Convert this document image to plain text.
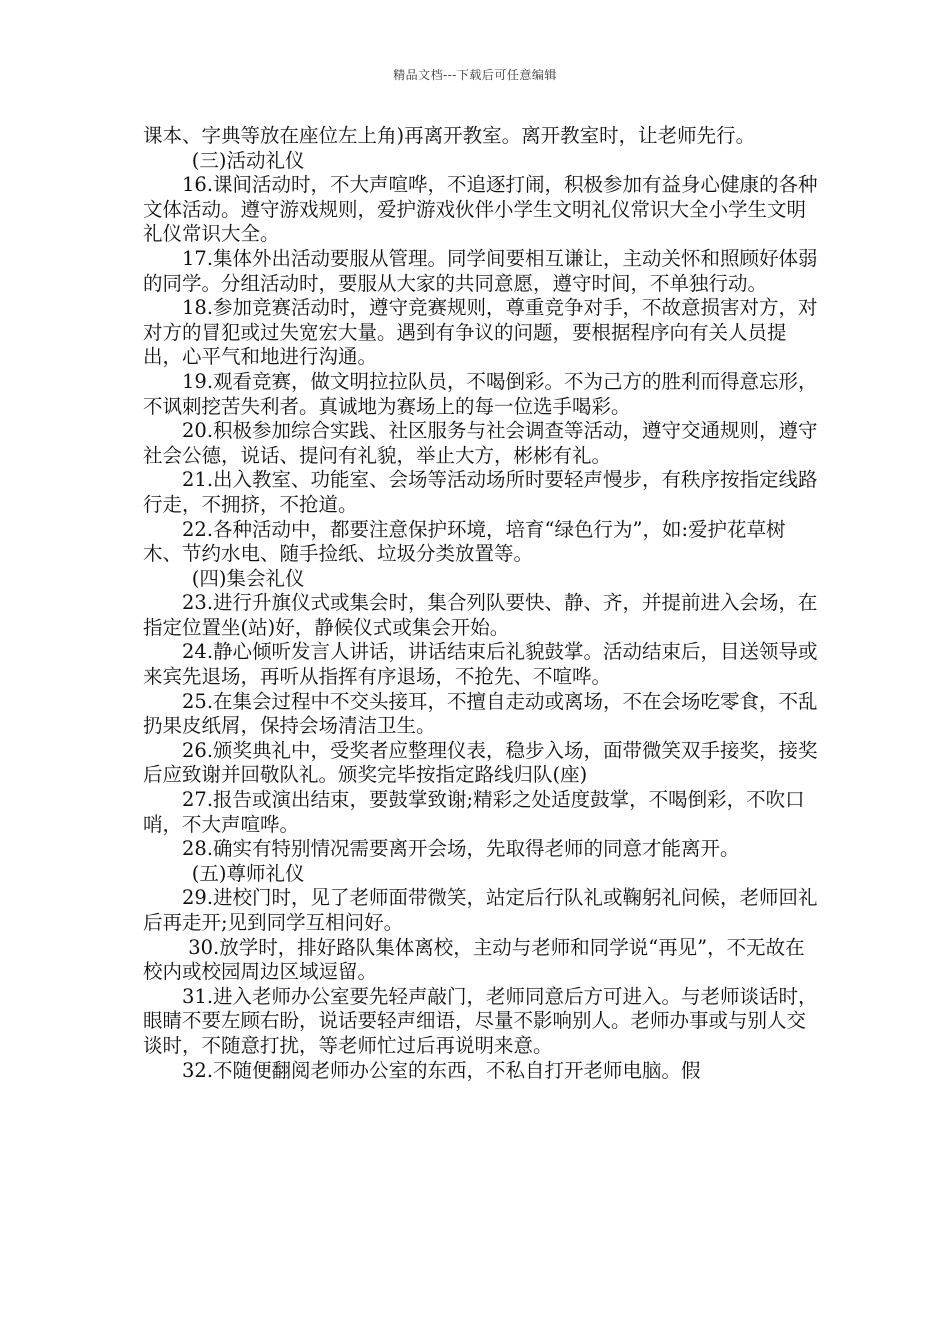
精品文档---下载后可任意编辑

课本、字典等放在座位左上角)再离开教室。离开教室时，让老师先行。

(三)活动礼仪

16.课间活动时，不大声喧哗，不追逐打闹，积极参加有益身心健康的各种文体活动。遵守游戏规则，爱护游戏伙伴小学生文明礼仪常识大全小学生文明礼仪常识大全。

17.集体外出活动要服从管理。同学间要相互谦让，主动关怀和照顾好体弱的同学。分组活动时，要服从大家的共同意愿，遵守时间，不单独行动。

18.参加竞赛活动时，遵守竞赛规则，尊重竞争对手，不故意损害对方，对对方的冒犯或过失宽宏大量。遇到有争议的问题，要根据程序向有关人员提出，心平气和地进行沟通。

19.观看竞赛，做文明拉拉队员，不喝倒彩。不为己方的胜利而得意忘形，不讽刺挖苦失利者。真诚地为赛场上的每一位选手喝彩。

20.积极参加综合实践、社区服务与社会调查等活动，遵守交通规则，遵守社会公德，说话、提问有礼貌，举止大方，彬彬有礼。

21.出入教室、功能室、会场等活动场所时要轻声慢步，有秩序按指定线路行走，不拥挤，不抢道。

22.各种活动中，都要注意保护环境，培育“绿色行为”，如:爱护花草树木、节约水电、随手捡纸、垃圾分类放置等。

(四)集会礼仪

23.进行升旗仪式或集会时，集合列队要快、静、齐，并提前进入会场，在指定位置坐(站)好，静候仪式或集会开始。

24.静心倾听发言人讲话，讲话结束后礼貌鼓掌。活动结束后，目送领导或来宾先退场，再听从指挥有序退场，不抢先、不喧哗。

25.在集会过程中不交头接耳，不擅自走动或离场，不在会场吃零食，不乱扔果皮纸屑，保持会场清洁卫生。

26.颁奖典礼中，受奖者应整理仪表，稳步入场，面带微笑双手接奖，接奖后应致谢并回敬队礼。颁奖完毕按指定路线归队(座)

27.报告或演出结束，要鼓掌致谢;精彩之处适度鼓掌，不喝倒彩，不吹口哨，不大声喧哗。

28.确实有特别情况需要离开会场，先取得老师的同意才能离开。

(五)尊师礼仪

29.进校门时，见了老师面带微笑，站定后行队礼或鞠躬礼问候，老师回礼后再走开;见到同学互相问好。

30.放学时，排好路队集体离校，主动与老师和同学说“再见”，不无故在校内或校园周边区域逗留。

31.进入老师办公室要先轻声敲门，老师同意后方可进入。与老师谈话时，眼睛不要左顾右盼，说话要轻声细语，尽量不影响别人。老师办事或与别人交谈时，不随意打扰，等老师忙过后再说明来意。

32.不随便翻阅老师办公室的东西，不私自打开老师电脑。假
